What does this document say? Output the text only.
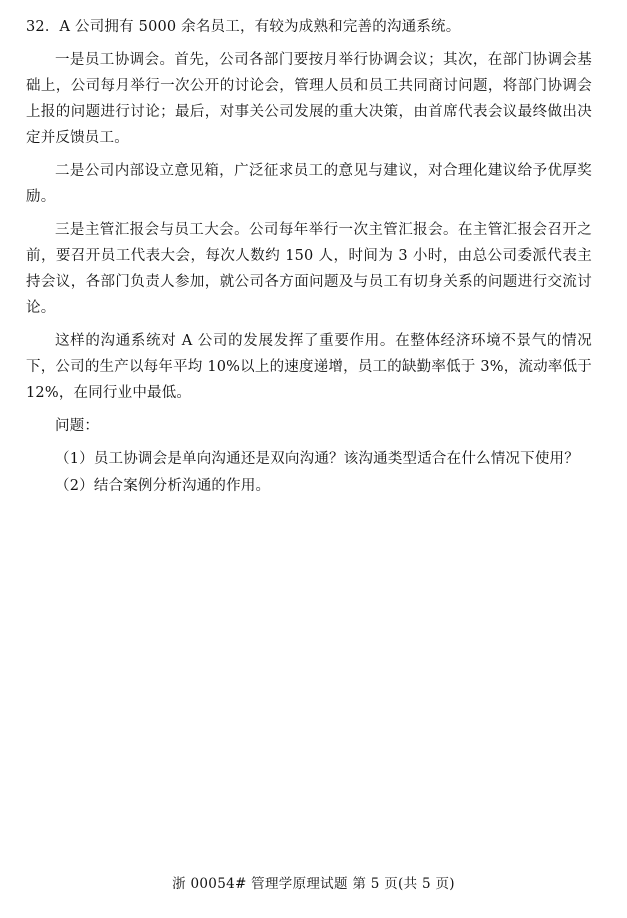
32．A 公司拥有 5000 余名员工，有较为成熟和完善的沟通系统。

一是员工协调会。首先，公司各部门要按月举行协调会议；其次，在部门协调会基础上，公司每月举行一次公开的讨论会，管理人员和员工共同商讨问题，将部门协调会上报的问题进行讨论；最后，对事关公司发展的重大决策，由首席代表会议最终做出决定并反馈员工。

二是公司内部设立意见箱，广泛征求员工的意见与建议，对合理化建议给予优厚奖励。

三是主管汇报会与员工大会。公司每年举行一次主管汇报会。在主管汇报会召开之前，要召开员工代表大会，每次人数约 150 人，时间为 3 小时，由总公司委派代表主持会议，各部门负责人参加，就公司各方面问题及与员工有切身关系的问题进行交流讨论。

这样的沟通系统对 A 公司的发展发挥了重要作用。在整体经济环境不景气的情况下，公司的生产以每年平均 10%以上的速度递增，员工的缺勤率低于 3%，流动率低于 12%，在同行业中最低。

问题：

（1）员工协调会是单向沟通还是双向沟通？该沟通类型适合在什么情况下使用？

（2）结合案例分析沟通的作用。

浙 00054# 管理学原理试题 第 5 页(共 5 页)
